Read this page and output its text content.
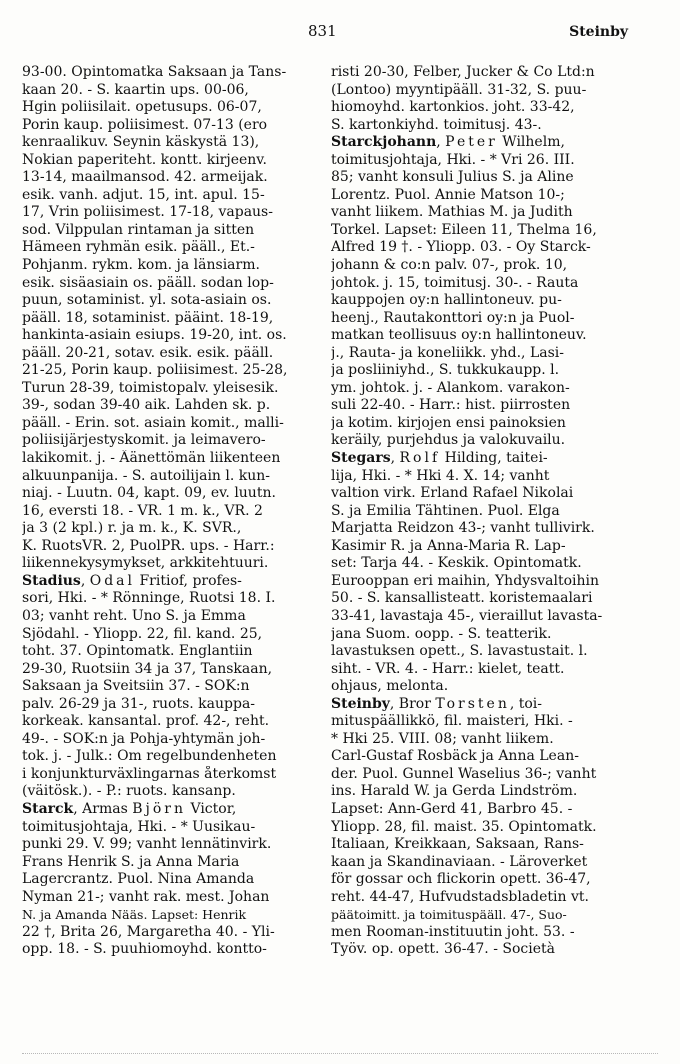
831	Steinby
93-00. Opintomatka Saksaan ja Tans-
kaan 20. - S. kaartin ups. 00-06,
Hgin poliisilait. opetusups. 06-07,
Porin kaup. poliisimest. 07-13 (ero
kenraalikuv. Seynin käskystä 13),
Nokian paperiteht. kontt. kirjeenv.
13-14, maailmansod. 42. armeijak.
esik. vanh. adjut. 15, int. apul. 15-
17, Vrin poliisimest. 17-18, vapaus-
sod. Vilppulan rintaman ja sitten
Hämeen ryhmän esik. pääll., Et.-
Pohjanm. rykm. kom. ja länsiarm.
esik. sisäasiain os. pääll. sodan lop-
puun, sotaminist. yl. sota-asiain os.
pääll. 18, sotaminist. pääint. 18-19,
hankinta-asiain esiups. 19-20, int. os.
pääll. 20-21, sotav. esik. esik. pääll.
21-25, Porin kaup. poliisimest. 25-28,
Turun 28-39, toimistopalv. yleisesik.
39-, sodan 39-40 aik. Lahden sk. p.
pääll. - Erin. sot. asiain komit., malli-
poliisijärjestyskomit. ja leimavero-
lakikomit. j. - Äänettömän liikenteen
alkuunpanija. - S. autoilijain l. kun-
niaj. - Luutn. 04, kapt. 09, ev. luutn.
16, eversti 18. - VR. 1 m. k., VR. 2
ja 3 (2 kpl.) r. ja m. k., K. SVR.,
K. RuotsVR. 2, PuolPR. ups. - Harr.:
liikennekysymykset, arkkitehtuuri.
Stadius, Odal Fritiof, profes-
sori, Hki. - * Rönninge, Ruotsi 18. I.
03; vanht reht. Uno S. ja Emma
Sjödahl. - Yliopp. 22, fil. kand. 25,
toht. 37. Opintomatk. Englantiin
29-30, Ruotsiin 34 ja 37, Tanskaan,
Saksaan ja Sveitsiin 37. - SOK:n
palv. 26-29 ja 31-, ruots. kauppa-
korkeak. kansantal. prof. 42-, reht.
49-. - SOK:n ja Pohja-yhtymän joh-
tok. j. - Julk.: Om regelbundenheten
i konjunkturväxlingarnas återkomst
(väitösk.). - P.: ruots. kansanp.
Starck, Armas Björn Victor,
toimitusjohtaja, Hki. - * Uusikau-
punki 29. V. 99; vanht lennätinvirk.
Frans Henrik S. ja Anna Maria
Lagercrantz. Puol. Nina Amanda
Nyman 21-; vanht rak. mest. Johan
N. ja Amanda Nääs. Lapset: Henrik
22 †, Brita 26, Margaretha 40. - Yli-
opp. 18. - S. puuhiomoyhd. kontto-
risti 20-30, Felber, Jucker & Co Ltd:n
(Lontoo) myyntipääll. 31-32, S. puu-
hiomoyhd. kartonkios. joht. 33-42,
S. kartonkiyhd. toimitusj. 43-.
Starckjohann, Peter Wilhelm,
toimitusjohtaja, Hki. - * Vri 26. III.
85; vanht konsuli Julius S. ja Aline
Lorentz. Puol. Annie Matson 10-;
vanht liikem. Mathias M. ja Judith
Torkel. Lapset: Eileen 11, Thelma 16,
Alfred 19 †. - Yliopp. 03. - Oy Starck-
johann & co:n palv. 07-, prok. 10,
johtok. j. 15, toimitusj. 30-. - Rauta
kauppojen oy:n hallintoneuv. pu-
heenj., Rautakonttori oy:n ja Puol-
matkan teollisuus oy:n hallintoneuv.
j., Rauta- ja koneliikk. yhd., Lasi-
ja posliiniyhd., S. tukkukaupp. l.
ym. johtok. j. - Alankom. varakon-
suli 22-40. - Harr.: hist. piirrosten
ja kotim. kirjojen ensi painoksien
keräily, purjehdus ja valokuvailu.
Stegars, Rolf Hilding, taitei-
lija, Hki. - * Hki 4. X. 14; vanht
valtion virk. Erland Rafael Nikolai
S. ja Emilia Tähtinen. Puol. Elga
Marjatta Reidzon 43-; vanht tullivirk.
Kasimir R. ja Anna-Maria R. Lap-
set: Tarja 44. - Keskik. Opintomatk.
Eurooppan eri maihin, Yhdysvaltoihin
50. - S. kansallisteatt. koristemaalari
33-41, lavastaja 45-, vieraillut lavasta-
jana Suom. oopp. - S. teatterik.
lavastuksen opett., S. lavastustait. l.
siht. - VR. 4. - Harr.: kielet, teatt.
ohjaus, melonta.
Steinby, Bror Torsten, toi-
mituspäällikkö, fil. maisteri, Hki. -
* Hki 25. VIII. 08; vanht liikem.
Carl-Gustaf Rosbäck ja Anna Lean-
der. Puol. Gunnel Waselius 36-; vanht
ins. Harald W. ja Gerda Lindström.
Lapset: Ann-Gerd 41, Barbro 45. -
Yliopp. 28, fil. maist. 35. Opintomatk.
Italiaan, Kreikkaan, Saksaan, Rans-
kaan ja Skandinaviaan. - Läroverket
för gossar och flickorin opett. 36-47,
reht. 44-47, Hufvudstadsbladetin vt.
päätoimitt. ja toimituspääll. 47-, Suo-
men Rooman-instituutin joht. 53. -
Työv. op. opett. 36-47. - Società
